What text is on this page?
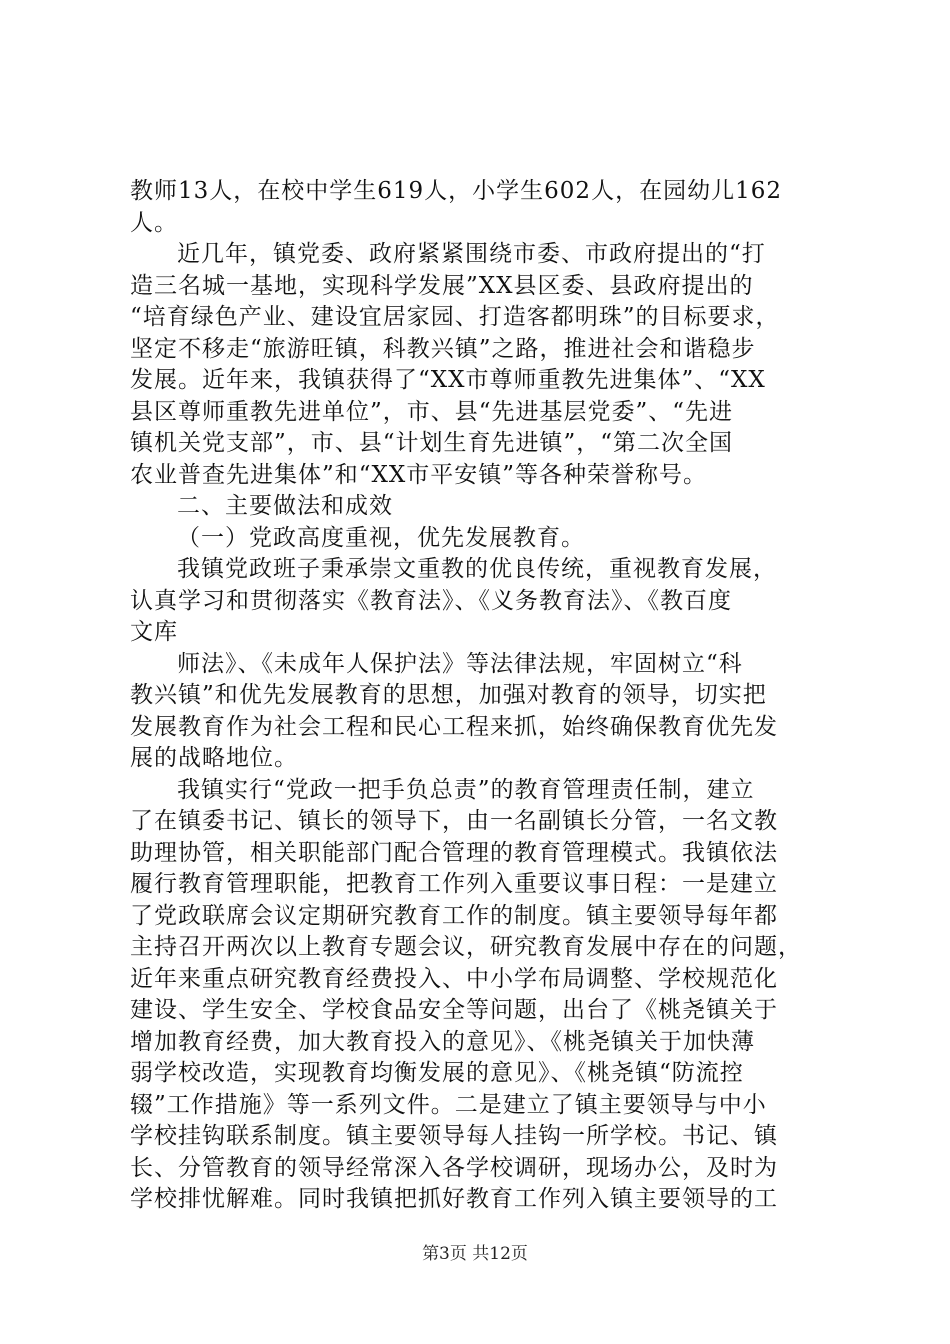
教师13人，在校中学生619人，小学生602人，在园幼儿162
人。
近几年，镇党委、政府紧紧围绕市委、市政府提出的“打
造三名城一基地，实现科学发展”XX县区委、县政府提出的
“培育绿色产业、建设宜居家园、打造客都明珠”的目标要求，
坚定不移走“旅游旺镇，科教兴镇”之路，推进社会和谐稳步
发展。近年来，我镇获得了“XX市尊师重教先进集体”、“XX
县区尊师重教先进单位”，市、县“先进基层党委”、“先进
镇机关党支部”，市、县“计划生育先进镇”，“第二次全国
农业普查先进集体”和“XX市平安镇”等各种荣誉称号。
二、主要做法和成效
（一）党政高度重视，优先发展教育。
我镇党政班子秉承崇文重教的优良传统，重视教育发展，
认真学习和贯彻落实《教育法》、《义务教育法》、《教百度
文库
师法》、《未成年人保护法》等法律法规，牢固树立“科
教兴镇”和优先发展教育的思想，加强对教育的领导，切实把
发展教育作为社会工程和民心工程来抓，始终确保教育优先发
展的战略地位。
我镇实行“党政一把手负总责”的教育管理责任制，建立
了在镇委书记、镇长的领导下，由一名副镇长分管，一名文教
助理协管，相关职能部门配合管理的教育管理模式。我镇依法
履行教育管理职能，把教育工作列入重要议事日程：一是建立
了党政联席会议定期研究教育工作的制度。镇主要领导每年都
主持召开两次以上教育专题会议，研究教育发展中存在的问题，
近年来重点研究教育经费投入、中小学布局调整、学校规范化
建设、学生安全、学校食品安全等问题，出台了《桃尧镇关于
增加教育经费，加大教育投入的意见》、《桃尧镇关于加快薄
弱学校改造，实现教育均衡发展的意见》、《桃尧镇“防流控
辍”工作措施》等一系列文件。二是建立了镇主要领导与中小
学校挂钩联系制度。镇主要领导每人挂钩一所学校。书记、镇
长、分管教育的领导经常深入各学校调研，现场办公，及时为
学校排忧解难。同时我镇把抓好教育工作列入镇主要领导的工
第3页 共12页
